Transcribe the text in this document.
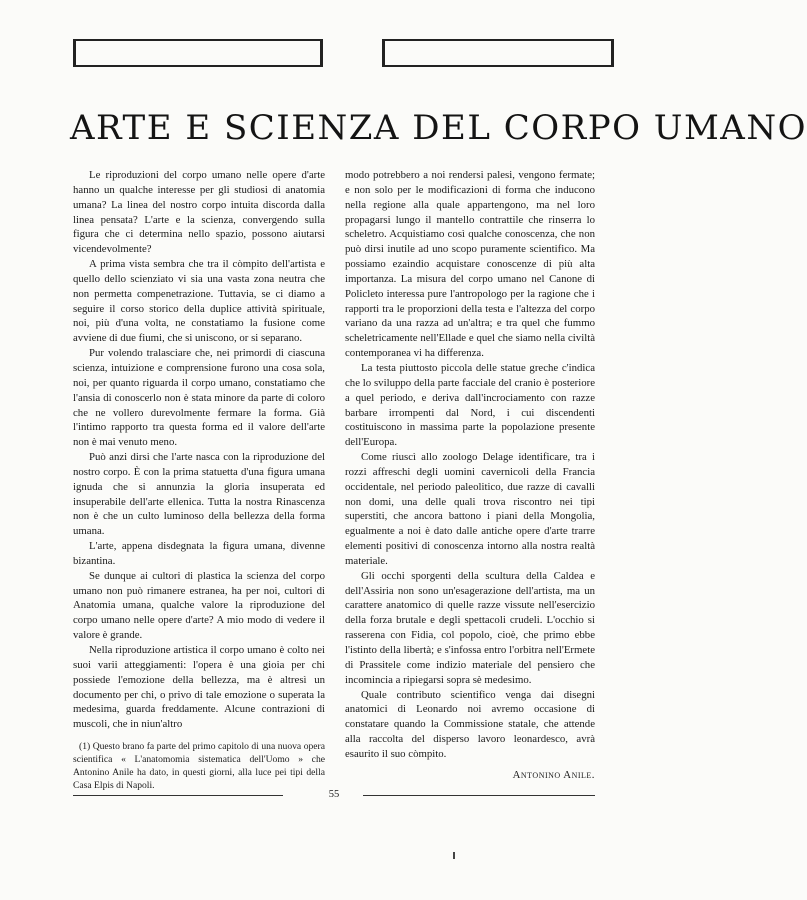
ARTE E SCIENZA DEL CORPO UMANO

Le riproduzioni del corpo umano nelle opere d'arte hanno un qualche interesse per gli studiosi di anatomia umana? La linea del nostro corpo intuita discorda dalla linea pensata? L'arte e la scienza, convergendo sulla figura che ci determina nello spazio, possono aiutarsi vicendevolmente?

A prima vista sembra che tra il còmpito dell'artista e quello dello scienziato vi sia una vasta zona neutra che non permetta compenetrazione. Tuttavia, se ci diamo a seguire il corso storico della duplice attività spirituale, noi, più d'una volta, ne constatiamo la fusione come avviene di due fiumi, che si uniscono, or si separano.

Pur volendo tralasciare che, nei primordi di ciascuna scienza, intuizione e comprensione furono una cosa sola, noi, per quanto riguarda il corpo umano, constatiamo che l'ansia di conoscerlo non è stata minore da parte di coloro che ne vollero durevolmente fermare la forma. Già l'intimo rapporto tra questa forma ed il valore dell'arte non è mai venuto meno.

Può anzi dirsi che l'arte nasca con la riproduzione del nostro corpo. È con la prima statuetta d'una figura umana ignuda che si annunzia la gloria insuperata ed insuperabile dell'arte ellenica. Tutta la nostra Rinascenza non è che un culto luminoso della bellezza della forma umana.

L'arte, appena disdegnata la figura umana, divenne bizantina.

Se dunque ai cultori di plastica la scienza del corpo umano non può rimanere estranea, ha per noi, cultori di Anatomia umana, qualche valore la riproduzione del corpo umano nelle opere d'arte? A mio modo di vedere il valore è grande.

Nella riproduzione artistica il corpo umano è colto nei suoi varii atteggiamenti: l'opera è una gioia per chi possiede l'emozione della bellezza, ma è altresì un documento per chi, o privo di tale emozione o superata la medesima, guarda freddamente. Alcune contrazioni di muscoli, che in niun'altro

(1) Questo brano fa parte del primo capitolo di una nuova opera scientifica « L'anatomomia sistematica dell'Uomo » che Antonino Anile ha dato, in questi giorni, alla luce pei tipi della Casa Elpis di Napoli.

modo potrebbero a noi rendersi palesi, vengono fermate; e non solo per le modificazioni di forma che inducono nella regione alla quale appartengono, ma nel loro propagarsi lungo il mantello contrattile che rinserra lo scheletro. Acquistiamo così qualche conoscenza, che non può dirsi inutile ad uno scopo puramente scientifico. Ma possiamo ezaindio acquistare conoscenze di più alta importanza. La misura del corpo umano nel Canone di Policleto interessa pure l'antropologo per la ragione che i rapporti tra le proporzioni della testa e l'altezza del corpo variano da una razza ad un'altra; e tra quel che fummo scheletricamente nell'Ellade e quel che siamo nella civiltà contemporanea vi ha differenza.

La testa piuttosto piccola delle statue greche c'indica che lo sviluppo della parte facciale del cranio è posteriore a quel periodo, e deriva dall'incrociamento con razze barbare irrompenti dal Nord, i cui discendenti costituiscono in massima parte la popolazione presente dell'Europa.

Come riuscì allo zoologo Delage identificare, tra i rozzi affreschi degli uomini cavernicoli della Francia occidentale, nel periodo paleolitico, due razze di cavalli non domi, una delle quali trova riscontro nei tipi superstiti, che ancora battono i piani della Mongolia, egualmente a noi è dato dalle antiche opere d'arte trarre elementi positivi di conoscenza intorno alla nostra realtà materiale.

Gli occhi sporgenti della scultura della Caldea e dell'Assiria non sono un'esagerazione dell'artista, ma un carattere anatomico di quelle razze vissute nell'esercizio della forza brutale e degli spettacoli crudeli. L'occhio si rasserena con Fidia, col popolo, cioè, che primo ebbe l'istinto della libertà; e s'infossa entro l'orbitra nell'Ermete di Prassitele come indizio materiale del pensiero che incomincia a ripiegarsi sopra sè medesimo.

Quale contributo scientifico venga dai disegni anatomici di Leonardo noi avremo occasione di constatare quando la Commissione statale, che attende alla raccolta del disperso lavoro leonardesco, avrà esaurito il suo còmpito.

Antonino Anile.

55
